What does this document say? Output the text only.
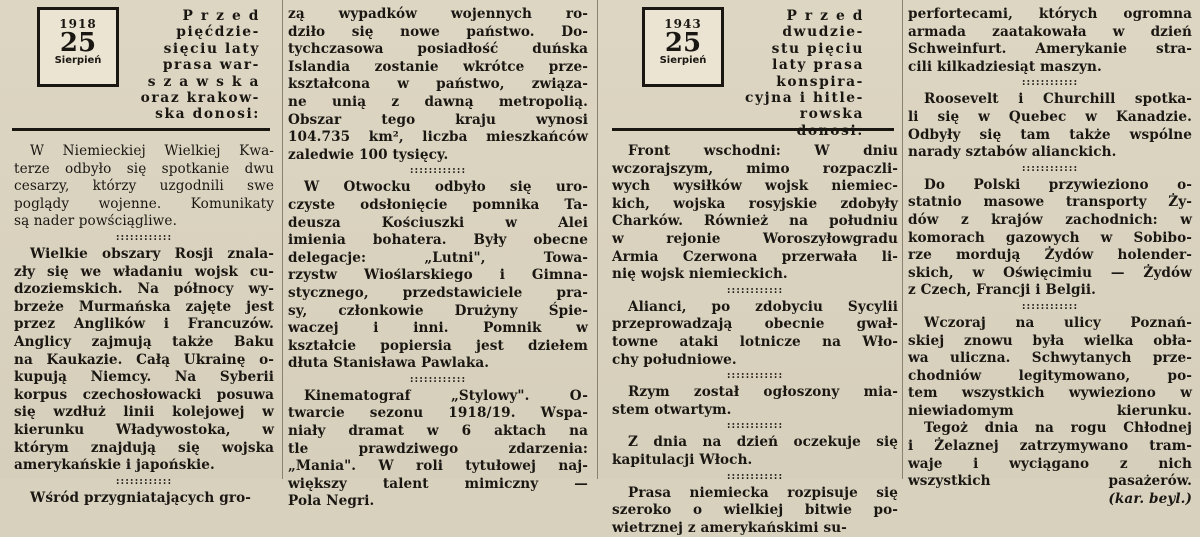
1918
25
Sierpień
P r z e d
pięćdzie-
sięciu laty
prasa war-
s z a w s k a
oraz krakow-
ska donosi:
W Niemieckiej Wielkiej Kwa-
terze odbyło się spotkanie dwu
cesarzy, którzy uzgodnili swe
poglądy wojenne. Komunikaty
są nader powściągliwe.
::::::::::::
Wielkie obszary Rosji znala-
zły się we władaniu wojsk cu-
dzoziemskich. Na północy wy-
brzeże Murmańska zajęte jest
przez Anglików i Francuzów.
Anglicy zajmują także Baku
na Kaukazie. Całą Ukrainę o-
kupują Niemcy. Na Syberii
korpus czechosłowacki posuwa
się wzdłuż linii kolejowej w
kierunku Władywostoka, w
którym znajdują się wojska
amerykańskie i japońskie.
::::::::::::
Wśród przygniatających gro-
zą wypadków wojennych ro-
dziło się nowe państwo. Do-
tychczasowa posiadłość duńska
Islandia zostanie wkrótce prze-
kształcona w państwo, związa-
ne unią z dawną metropolią.
Obszar tego kraju wynosi
104.735 km², liczba mieszkańców
zaledwie 100 tysięcy.
::::::::::::
W Otwocku odbyło się uro-
czyste odsłonięcie pomnika Ta-
deusza Kościuszki w Alei
imienia bohatera. Były obecne
delegacje: „Lutni", Towa-
rzystw Wioślarskiego i Gimna-
stycznego, przedstawiciele pra-
sy, członkowie Drużyny Śpie-
waczej i inni. Pomnik w
kształcie popiersia jest dziełem
dłuta Stanisława Pawlaka.
::::::::::::
Kinematograf „Stylowy". O-
twarcie sezonu 1918/19. Wspa-
niały dramat w 6 aktach na
tle prawdziwego zdarzenia:
„Mania". W roli tytułowej naj-
większy talent mimiczny —
Pola Negri.
1943
25
Sierpień
P r z e d
dwudzie-
stu pięciu
laty prasa
konspira-
cyjna i hitle-
rowska
Front wschodni: W dniu
wczorajszym, mimo rozpaczli-
wych wysiłków wojsk niemiec-
kich, wojska rosyjskie zdobyły
Charków. Również na południu
w rejonie Woroszyłowgradu
Armia Czerwona przerwała li-
nię wojsk niemieckich.
::::::::::::
Alianci, po zdobyciu Sycylii
przeprowadzają obecnie gwał-
towne ataki lotnicze na Wło-
chy południowe.
::::::::::::
Rzym został ogłoszony mia-
stem otwartym.
::::::::::::
Z dnia na dzień oczekuje się
kapitulacji Włoch.
::::::::::::
Prasa niemiecka rozpisuje się
szeroko o wielkiej bitwie po-
wietrznej z amerykańskimi su-
perfortecami, których ogromna
armada zaatakowała w dzień
Schweinfurt. Amerykanie stra-
cili kilkadziesiąt maszyn.
::::::::::::
Roosevelt i Churchill spotka-
li się w Quebec w Kanadzie.
Odbyły się tam także wspólne
narady sztabów alianckich.
::::::::::::
Do Polski przywieziono o-
statnio masowe transporty Ży-
dów z krajów zachodnich: w
komorach gazowych w Sobibo-
rze mordują Żydów holender-
skich, w Oświęcimiu — Żydów
z Czech, Francji i Belgii.
::::::::::::
Wczoraj na ulicy Poznań-
skiej znowu była wielka obła-
wa uliczna. Schwytanych prze-
chodniów legitymowano, po-
tem wszystkich wywieziono w
niewiadomym kierunku.
Tegoż dnia na rogu Chłodnej
i Żelaznej zatrzymywano tram-
waje i wyciągano z nich
wszystkich pasażerów.
(kar. beyl.)
